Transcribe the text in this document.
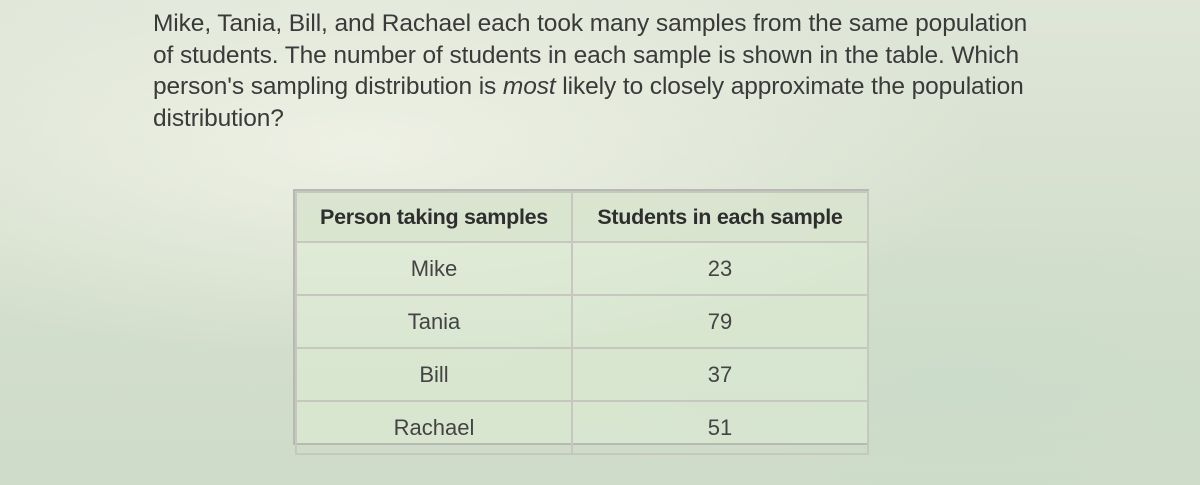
Mike, Tania, Bill, and Rachael each took many samples from the same population of students. The number of students in each sample is shown in the table. Which person's sampling distribution is most likely to closely approximate the population distribution?

Person taking samples	Students in each sample
Mike	23
Tania	79
Bill	37
Rachael	51
